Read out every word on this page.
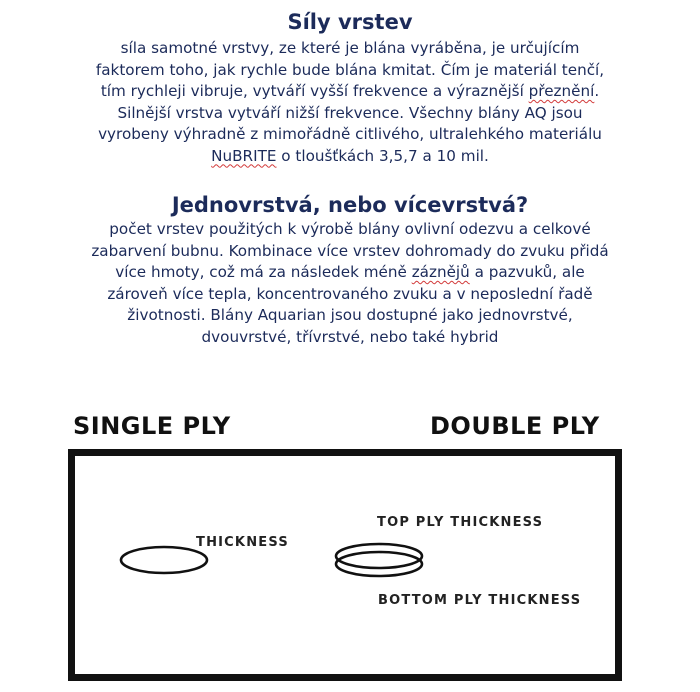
Síly vrstev
síla samotné vrstvy, ze které je blána vyráběna, je určujícím
faktorem toho, jak rychle bude blána kmitat. Čím je materiál tenčí,
tím rychleji vibruje, vytváří vyšší frekvence a výraznější přeznění.
Silnější vrstva vytváří nižší frekvence. Všechny blány AQ jsou
vyrobeny výhradně z mimořádně citlivého, ultralehkého materiálu
NuBRITE o tloušťkách 3,5,7 a 10 mil.
Jednovrstvá, nebo vícevrstvá?
počet vrstev použitých k výrobě blány ovlivní odezvu a celkové
zabarvení bubnu. Kombinace více vrstev dohromady do zvuku přidá
více hmoty, což má za následek méně záznějů a pazvuků, ale
zároveň více tepla, koncentrovaného zvuku a v neposlední řadě
životnosti. Blány Aquarian jsou dostupné jako jednovrstvé,
dvouvrstvé, třívrstvé, nebo také hybrid
SINGLE PLY	DOUBLE PLY
THICKNESS
TOP PLY THICKNESS
BOTTOM PLY THICKNESS
